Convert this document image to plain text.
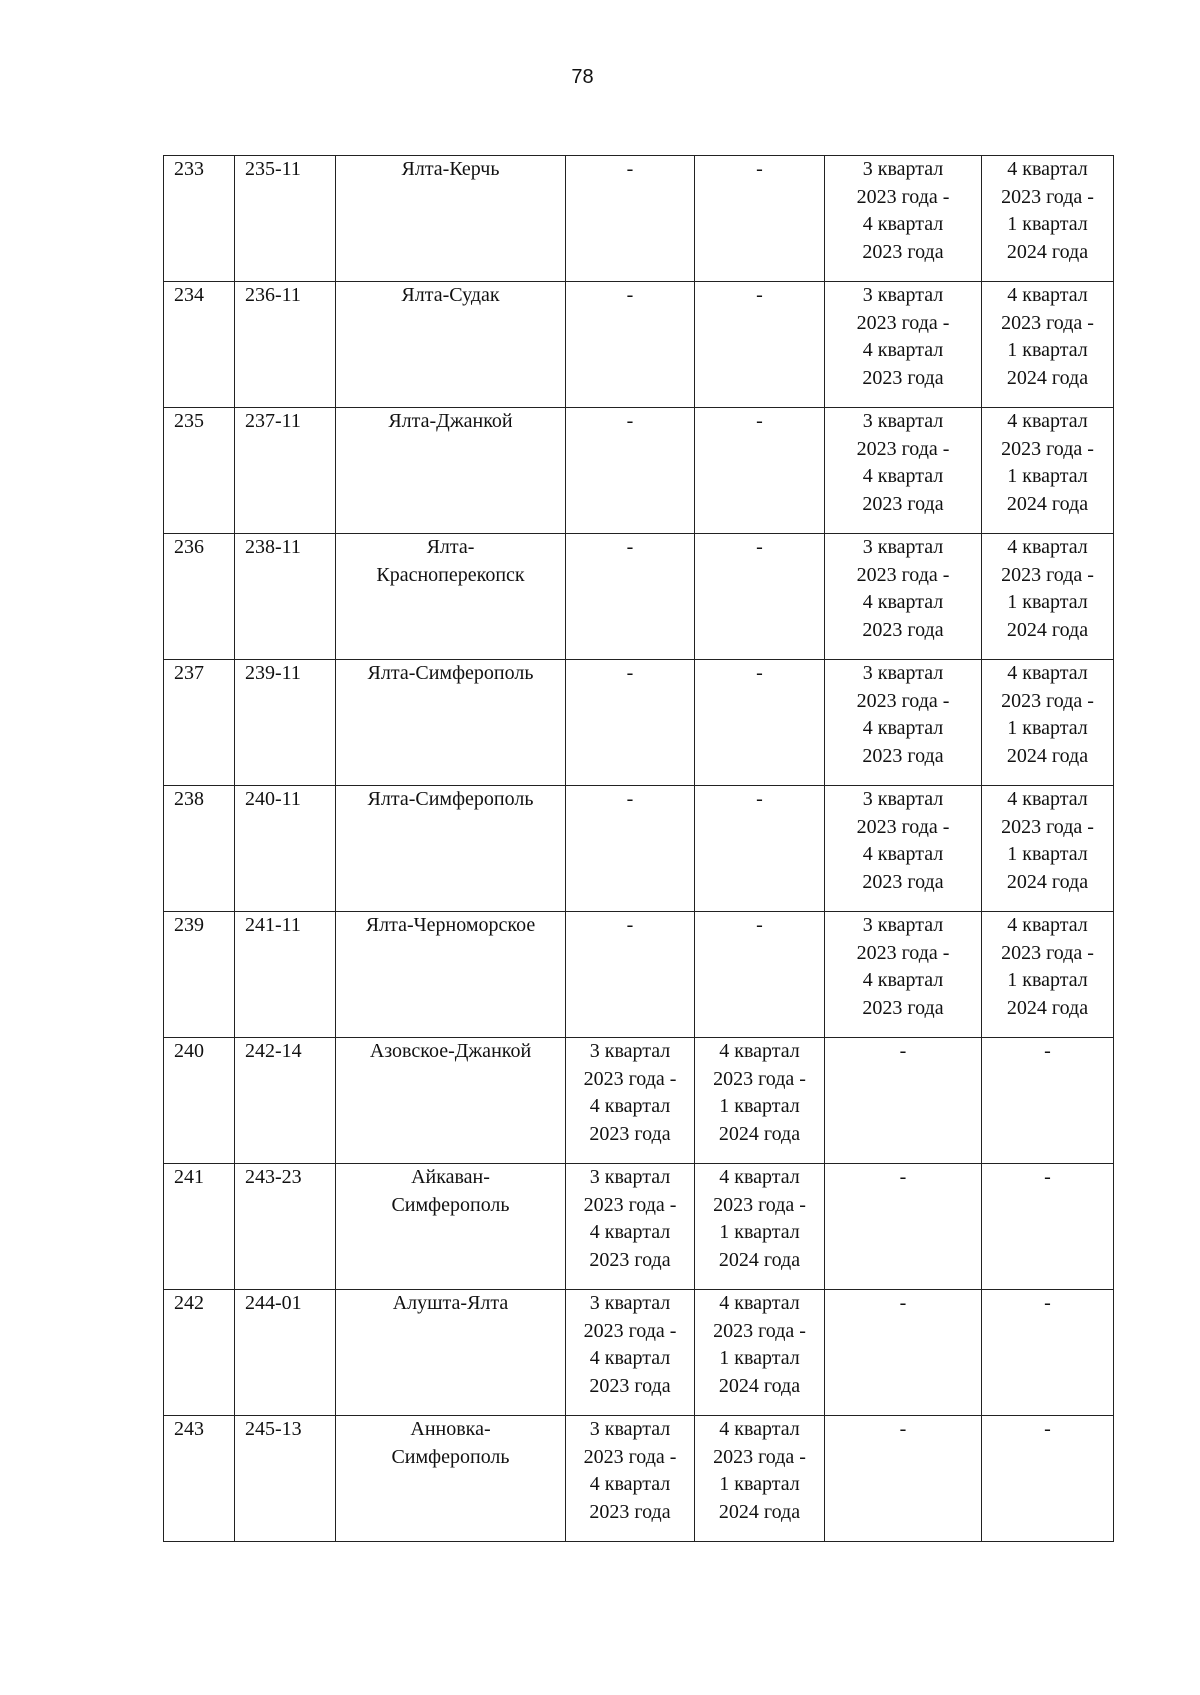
78
233	235-11	Ялта-Керчь	-	-	3 квартал
2023 года -
4 квартал
2023 года	4 квартал
2023 года -
1 квартал
2024 года

234	236-11	Ялта-Судак	-	-	3 квартал
2023 года -
4 квартал
2023 года	4 квартал
2023 года -
1 квартал
2024 года

235	237-11	Ялта-Джанкой	-	-	3 квартал
2023 года -
4 квартал
2023 года	4 квартал
2023 года -
1 квартал
2024 года

236	238-11	Ялта-
Красноперекопск	-	-	3 квартал
2023 года -
4 квартал
2023 года	4 квартал
2023 года -
1 квартал
2024 года

237	239-11	Ялта-Симферополь	-	-	3 квартал
2023 года -
4 квартал
2023 года	4 квартал
2023 года -
1 квартал
2024 года

238	240-11	Ялта-Симферополь	-	-	3 квартал
2023 года -
4 квартал
2023 года	4 квартал
2023 года -
1 квартал
2024 года

239	241-11	Ялта-Черноморское	-	-	3 квартал
2023 года -
4 квартал
2023 года	4 квартал
2023 года -
1 квартал
2024 года

240	242-14	Азовское-Джанкой	3 квартал
2023 года -
4 квартал
2023 года	4 квартал
2023 года -
1 квартал
2024 года	-	-

241	243-23	Айкаван-
Симферополь	3 квартал
2023 года -
4 квартал
2023 года	4 квартал
2023 года -
1 квартал
2024 года	-	-

242	244-01	Алушта-Ялта	3 квартал
2023 года -
4 квартал
2023 года	4 квартал
2023 года -
1 квартал
2024 года	-	-

243	245-13	Анновка-
Симферополь	3 квартал
2023 года -
4 квартал
2023 года	4 квартал
2023 года -
1 квартал
2024 года	-	-
